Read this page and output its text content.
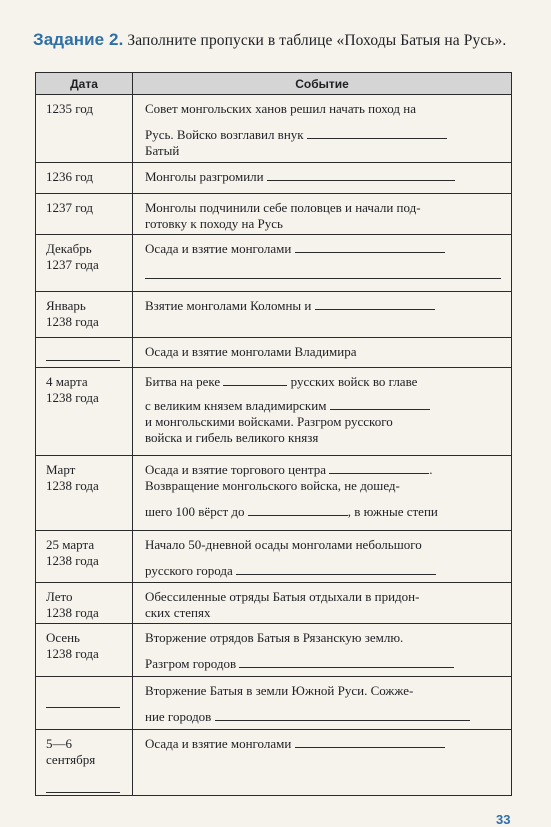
Задание 2. Заполните пропуски в таблице «Походы Батыя на Русь».
Дата	Событие
1235 год	Совет монгольских ханов решил начать поход на
Русь. Войско возглавил внук
Батый

1236 год	Монголы разгромили

1237 год	Монголы подчинили себе половцев и начали под-
готовку к походу на Русь

Декабрь
1237 года	Осада и взятие монголами

Январь
1238 года	Взятие монголами Коломны и

	Осада и взятие монголами Владимира

4 марта
1238 года	Битва на реке русских войск во главе
с великим князем владимирским
и монгольскими войсками. Разгром русского
войска и гибель великого князя

Март
1238 года	Осада и взятие торгового центра .
Возвращение монгольского войска, не дошед-
шего 100 вёрст до , в южные степи

25 марта
1238 года	Начало 50-дневной осады монголами небольшого
русского города

Лето
1238 года	Обессиленные отряды Батыя отдыхали в придон-
ских степях

Осень
1238 года	Вторжение отрядов Батыя в Рязанскую землю.
Разгром городов

	Вторжение Батыя в земли Южной Руси. Сожже-
ние городов

5—6
сентября	Осада и взятие монголами
33
